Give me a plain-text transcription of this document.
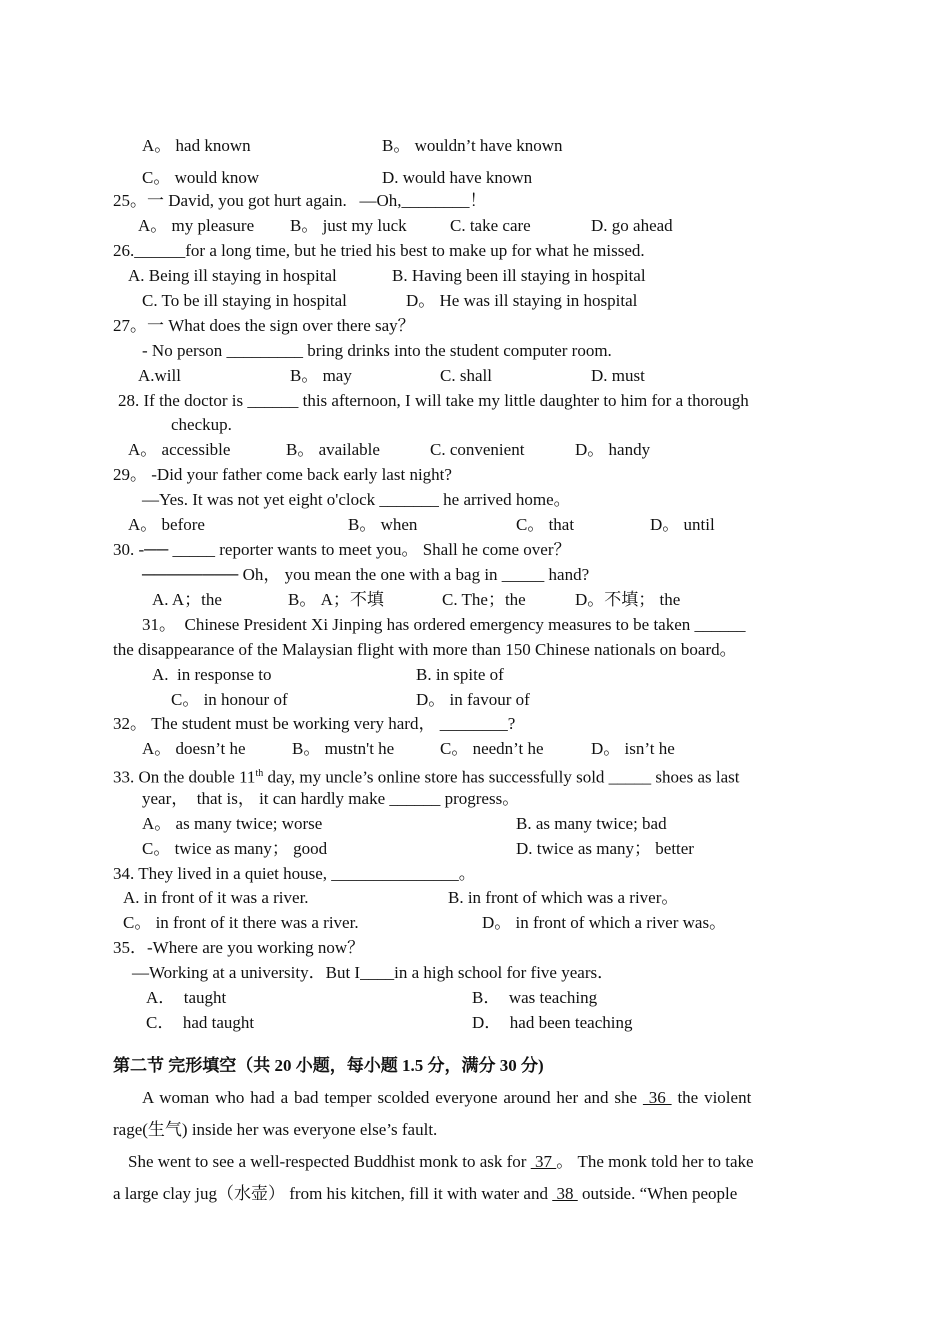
A。 had known	B。 wouldn’t have known
C。 would know	D. would have known
25。一 David, you got hurt again.   —Oh,________！
A。 my pleasure B。 just my luck	C. take care	D. go ahead
26.______for a long time, but he tried his best to make up for what he missed.
A. Being ill staying in hospital	B. Having been ill staying in hospital
C. To be ill staying in hospital	D。 He was ill staying in hospital
27。一 What does the sign over there say？
- No person _________ bring drinks into the student computer room.
A.will	B。 may	C. shall	D. must
28. If the doctor is ______ this afternoon, I will take my little daughter to him for a thorough
checkup.
A。 accessible	B。 available	C. convenient	D。 handy
29。 -Did your father come back early last night?
—Yes. It was not yet eight o'clock _______ he arrived home。
A。 before	B。 when	C。 that	D。 until
30. -── _____ reporter wants to meet you。 Shall he come over？
──────── Oh， you mean the one with a bag in _____ hand?
A. A；the	B。 A；不填	C. The；the	D。不填； the
31。  Chinese President Xi Jinping has ordered emergency measures to be taken ______
the disappearance of the Malaysian flight with more than 150 Chinese nationals on board。
A.  in response to	B. in spite of
C。 in honour of	D。 in favour of
32。 The student must be working very hard， ________?
A。 doesn’t he	B。 mustn't he	C。 needn’t he	D。 isn’t he
33. On the double 11th day, my uncle’s online store has successfully sold _____ shoes as last
year，  that is， it can hardly make ______ progress。
A。 as many twice; worse	B. as many twice; bad
C。 twice as many； good	D. twice as many； better
34. They lived in a quiet house, _______________。
A. in front of it was a river.	B. in front of which was a river。
C。 in front of it there was a river.	D。 in front of which a river was。
35．-Where are you working now？
—Working at a university．But I____in a high school for five years．
A．  taught	B．  was teaching
C．  had taught	D．  had been teaching
第二节 完形填空（共 20 小题，每小题 1.5 分，满分 30 分)
A woman who had a bad temper scolded everyone around her and she  36  the violent
rage(生气) inside her was everyone else’s fault.
She went to see a well-respected Buddhist monk to ask for  37 。 The monk told her to take
a large clay jug（水壶） from his kitchen, fill it with water and  38  outside. “When people
